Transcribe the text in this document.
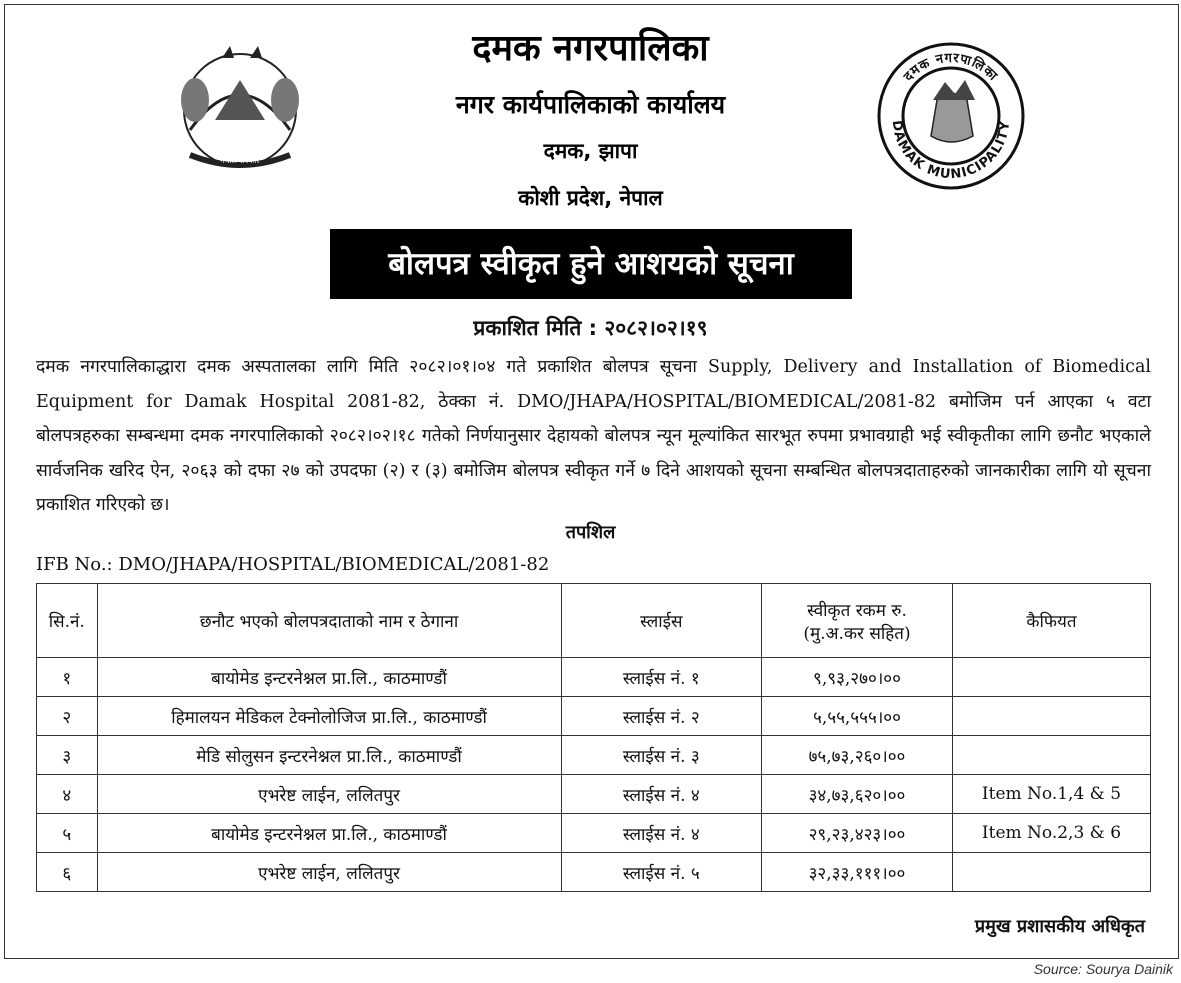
नेपाल सरकार
दमक नगरपालिका
DAMAK MUNICIPALITY
दमक नगरपालिका
नगर कार्यपालिकाको कार्यालय
दमक, झापा
कोशी प्रदेश, नेपाल
बोलपत्र स्वीकृत हुने आशयको सूचना
प्रकाशित मिति : २०८२।०२।१९
दमक नगरपालिकाद्धारा दमक अस्पतालका लागि मिति २०८२।०१।०४ गते प्रकाशित बोलपत्र सूचना Supply, Delivery and Installation of Biomedical Equipment for Damak Hospital 2081-82, ठेक्का नं. DMO/JHAPA/HOSPITAL/BIOMEDICAL/2081-82 बमोजिम पर्न आएका ५ वटा बोलपत्रहरुका सम्बन्धमा दमक नगरपालिकाको २०८२।०२।१८ गतेको निर्णयानुसार देहायको बोलपत्र न्यून मूल्यांकित सारभूत रुपमा प्रभावग्राही भई स्वीकृतीका लागि छनौट भएकाले सार्वजनिक खरिद ऐन, २०६३ को दफा २७ को उपदफा (२) र (३) बमोजिम बोलपत्र स्वीकृत गर्ने ७ दिने आशयको सूचना सम्बन्धित बोलपत्रदाताहरुको जानकारीका लागि यो सूचना प्रकाशित गरिएको छ।
तपशिल
IFB No.: DMO/JHAPA/HOSPITAL/BIOMEDICAL/2081-82
सि.नं.	छनौट भएको बोलपत्रदाताको नाम र ठेगाना	स्लाईस	स्वीकृत रकम रु.
(मु.अ.कर सहित)	कैफियत
१	बायोमेड इन्टरनेश्नल प्रा.लि., काठमाण्डौं	स्लाईस नं. १	९,९३,२७०।००	
२	हिमालयन मेडिकल टेक्नोलोजिज प्रा.लि., काठमाण्डौं	स्लाईस नं. २	५,५५,५५५।००	
३	मेडि सोलुसन इन्टरनेश्नल प्रा.लि., काठमाण्डौं	स्लाईस नं. ३	७५,७३,२६०।००	
४	एभरेष्ट लाईन, ललितपुर	स्लाईस नं. ४	३४,७३,६२०।००	Item No.1,4 & 5
५	बायोमेड इन्टरनेश्नल प्रा.लि., काठमाण्डौं	स्लाईस नं. ४	२९,२३,४२३।००	Item No.2,3 & 6
६	एभरेष्ट लाईन, ललितपुर	स्लाईस नं. ५	३२,३३,१११।००	
प्रमुख प्रशासकीय अधिकृत
Source: Sourya Dainik
